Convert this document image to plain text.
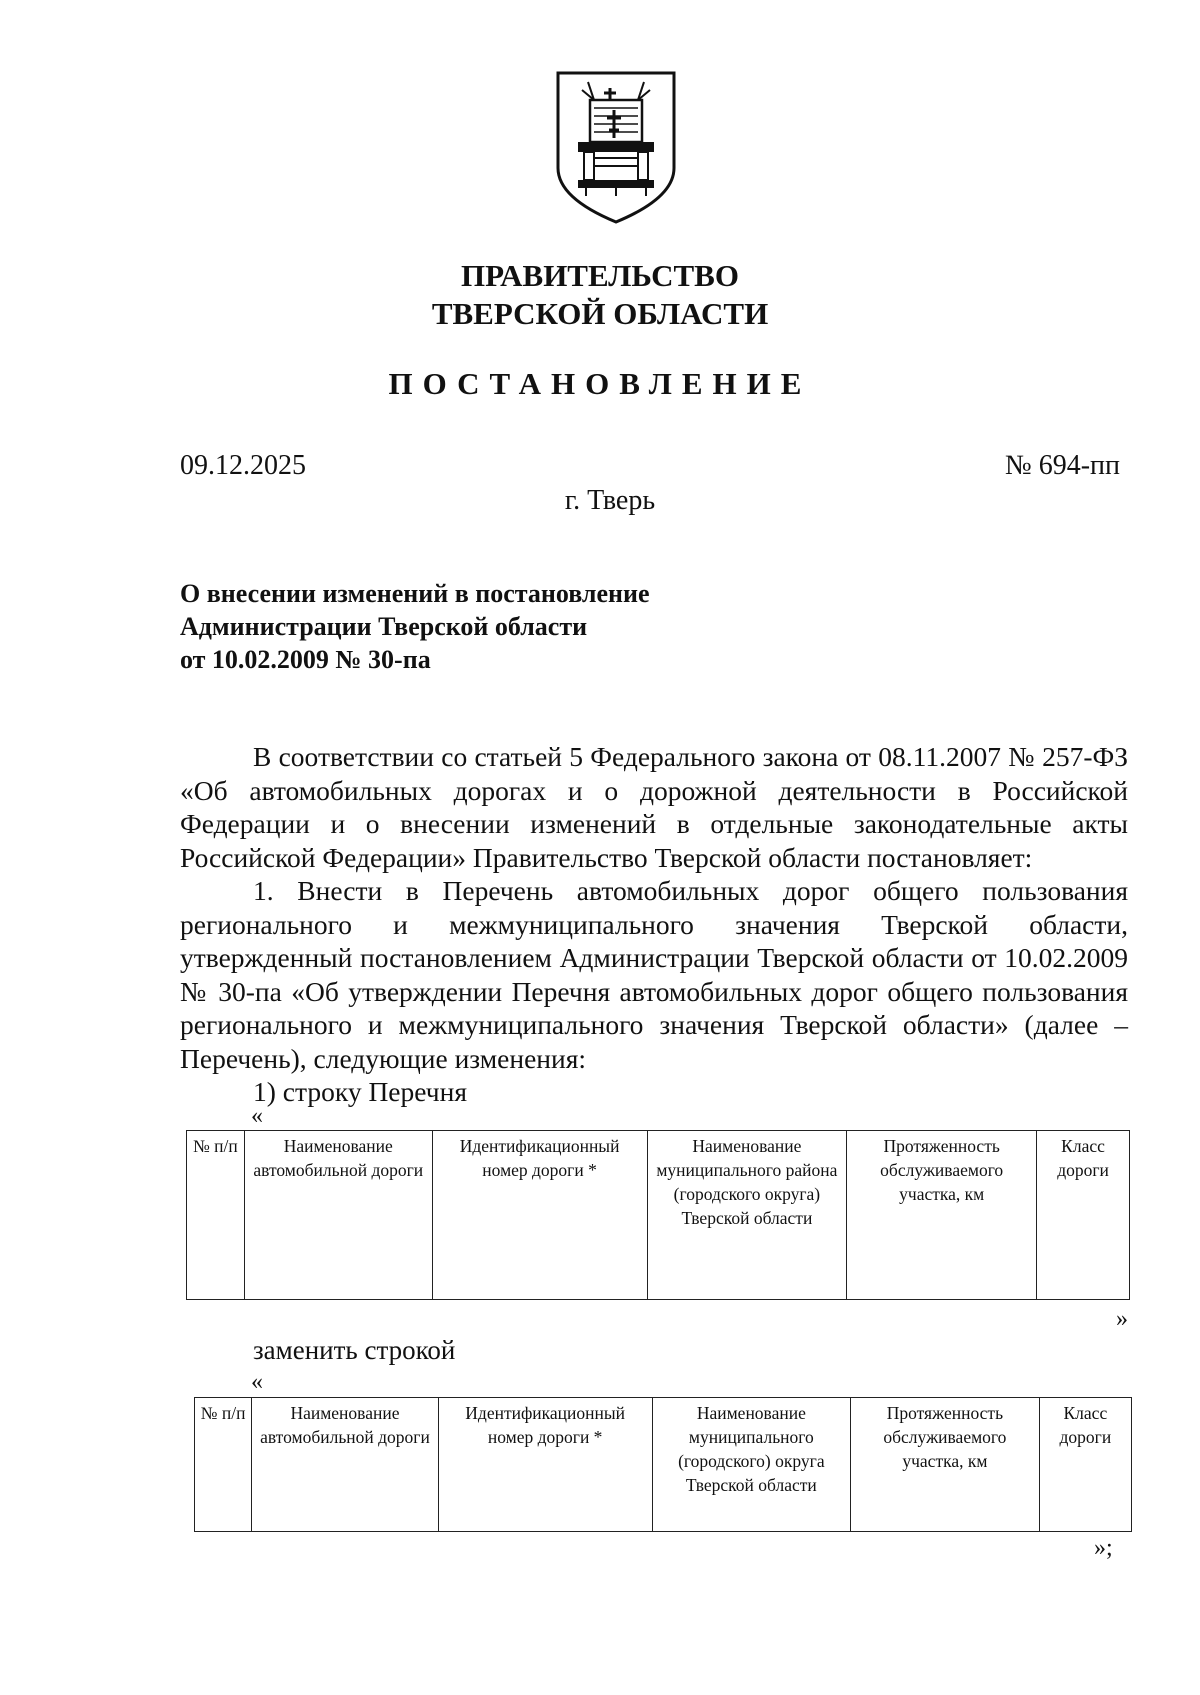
ПРАВИТЕЛЬСТВО
ТВЕРСКОЙ ОБЛАСТИ
ПОСТАНОВЛЕНИЕ
09.12.2025	№ 694-пп
г. Тверь
О внесении изменений в постановление
Администрации Тверской области
от 10.02.2009 № 30-па

В соответствии со статьей 5 Федерального закона от 08.11.2007 № 257-ФЗ «Об автомобильных дорогах и о дорожной деятельности в Российской Федерации и о внесении изменений в отдельные законодательные акты Российской Федерации» Правительство Тверской области постановляет:

1. Внести в Перечень автомобильных дорог общего пользования регионального и межмуниципального значения Тверской области, утвержденный постановлением Администрации Тверской области от 10.02.2009 № 30-па «Об утверждении Перечня автомобильных дорог общего пользования регионального и межмуниципального значения Тверской области» (далее – Перечень), следующие изменения:

1) строку Перечня

«
№ п/п	Наименование автомобильной дороги	Идентификационный номер дороги *	Наименование муниципального района (городского округа) Тверской области	Протяженность обслуживаемого участка, км	Класс дороги
»
заменить строкой
«
№ п/п	Наименование автомобильной дороги	Идентификационный номер дороги *	Наименование муниципального (городского) округа Тверской области	Протяженность обслуживаемого участка, км	Класс дороги
»;
